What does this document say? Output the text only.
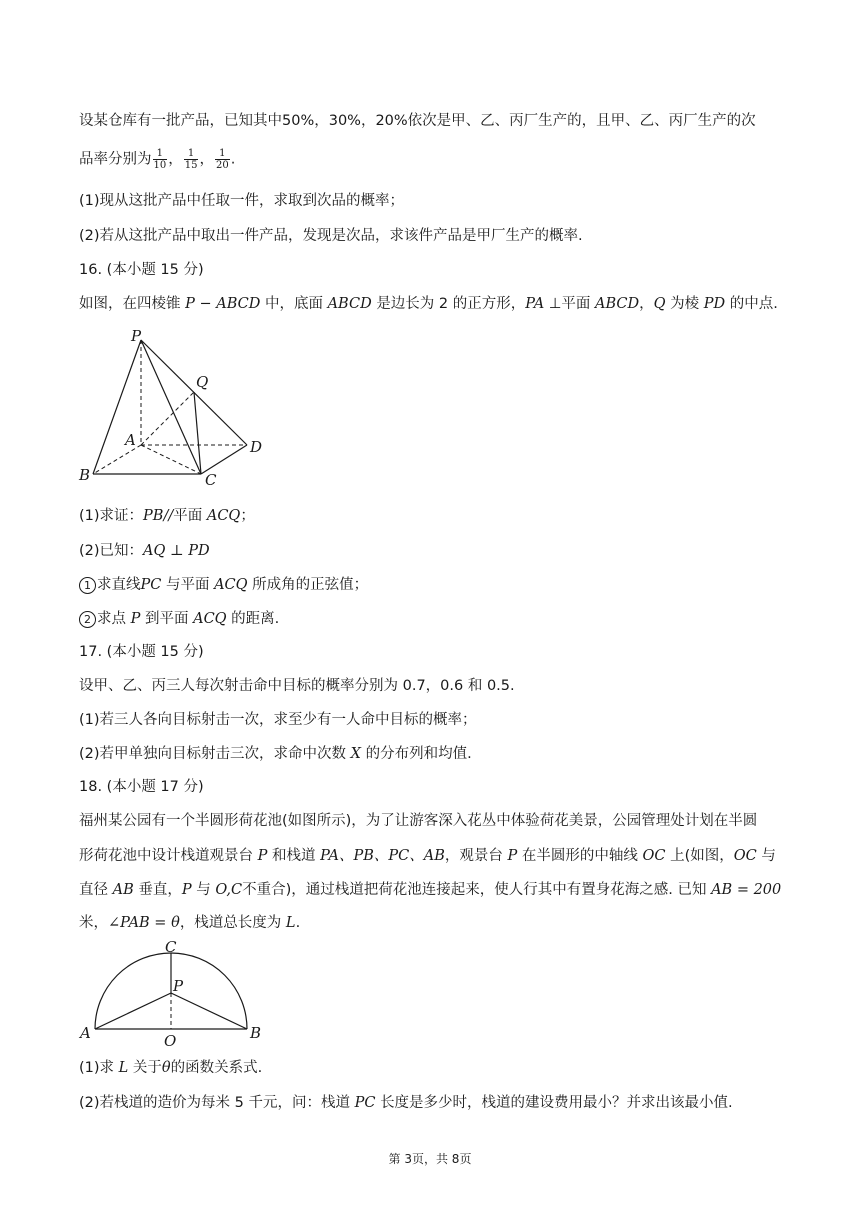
设某仓库有一批产品，已知其中50%，30%，20%依次是甲、乙、丙厂生产的，且甲、乙、丙厂生产的次
品率分别为 $\frac{1}{10}$ ， $\frac{1}{15}$ ， $\frac{1}{20}$ .
(1)现从这批产品中任取一件，求取到次品的概率；
(2)若从这批产品中取出一件产品，发现是次品，求该件产品是甲厂生产的概率.
16. (本小题 15 分)
如图，在四棱锥 P − ABCD 中，底面 ABCD 是边长为 2 的正方形，PA ⊥平面 ABCD，Q 为棱 PD 的中点.
P
Q
A
B	C
D
(1)求证：PB//平面 ACQ；
(2)已知：AQ ⊥ PD
1 求直线PC 与平面 ACQ 所成角的正弦值；
2 求点 P 到平面 ACQ 的距离.
17. (本小题 15 分)
设甲、乙、丙三人每次射击命中目标的概率分别为 0.7，0.6 和 0.5.
(1)若三人各向目标射击一次，求至少有一人命中目标的概率；
(2)若甲单独向目标射击三次，求命中次数 X 的分布列和均值.
18. (本小题 17 分)
福州某公园有一个半圆形荷花池(如图所示)，为了让游客深入花丛中体验荷花美景，公园管理处计划在半圆
形荷花池中设计栈道观景台 P 和栈道 PA、PB、PC、AB，观景台 P 在半圆形的中轴线 OC 上(如图，OC 与
直径 AB 垂直，P 与 O,C不重合)，通过栈道把荷花池连接起来，使人行其中有置身花海之感. 已知 AB = 200
米，∠PAB = θ，栈道总长度为 L.
C
P
A	B
O
(1)求 L 关于θ的函数关系式.
(2)若栈道的造价为每米 5 千元，问：栈道 PC 长度是多少时，栈道的建设费用最小？并求出该最小值.
第 3页，共 8页
